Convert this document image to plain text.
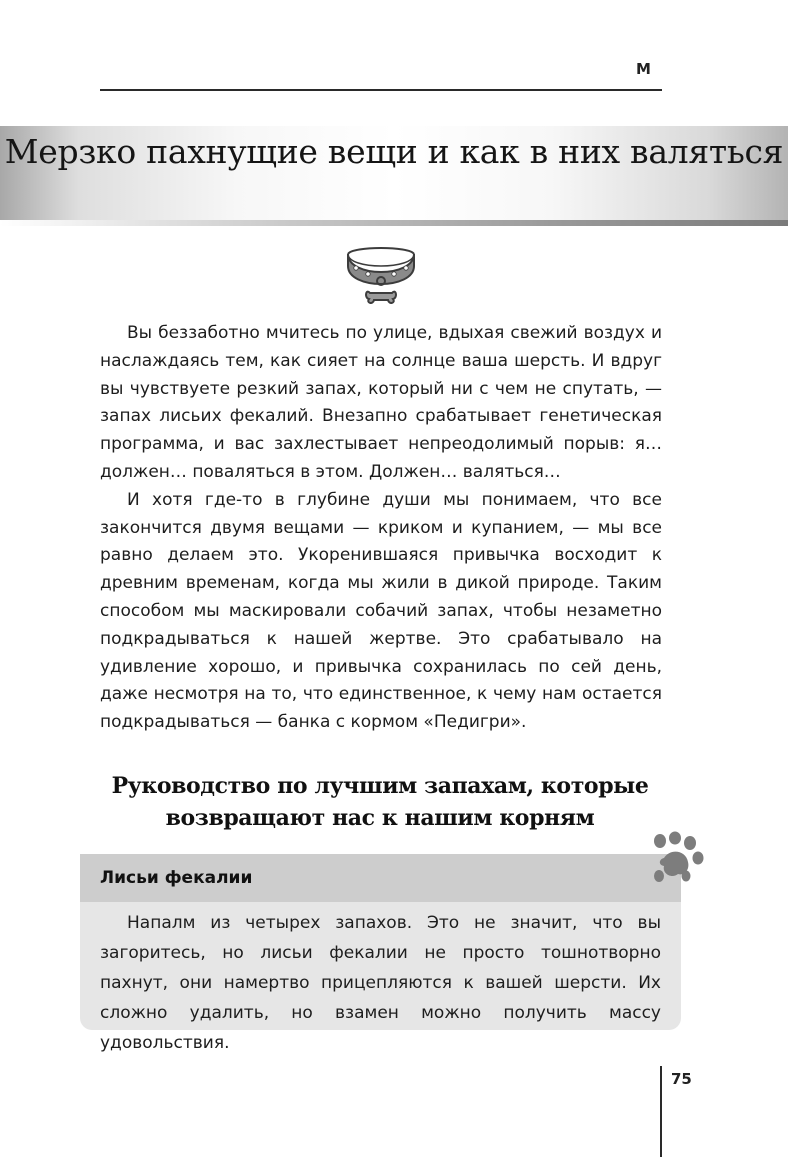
М
Мерзко пахнущие вещи и как в них валяться

Вы беззаботно мчитесь по улице, вдыхая свежий воздух и наслаждаясь тем, как сияет на солнце ваша шерсть. И вдруг вы чувствуете резкий запах, который ни с чем не спутать, — запах лисьих фекалий. Внезапно срабатывает генетическая программа, и вас захлестывает непреодолимый порыв: я… должен… поваляться в этом. Должен… валяться…

И хотя где-то в глубине души мы понимаем, что все закончится двумя вещами — криком и купанием, — мы все равно делаем это. Укоренившаяся привычка восходит к древним временам, когда мы жили в дикой природе. Таким способом мы маскировали собачий запах, чтобы незаметно подкрадываться к нашей жертве. Это срабатывало на удивление хорошо, и привычка сохранилась по сей день, даже несмотря на то, что единственное, к чему нам остается подкрадываться — банка с кормом «Педигри».

Руководство по лучшим запахам, которые возвращают нас к нашим корням
Лисьи фекалии

Напалм из четырех запахов. Это не значит, что вы загоритесь, но лисьи фекалии не просто тошнотворно пахнут, они намертво прицепляются к вашей шерсти. Их сложно удалить, но взамен можно получить массу удовольствия.

75
